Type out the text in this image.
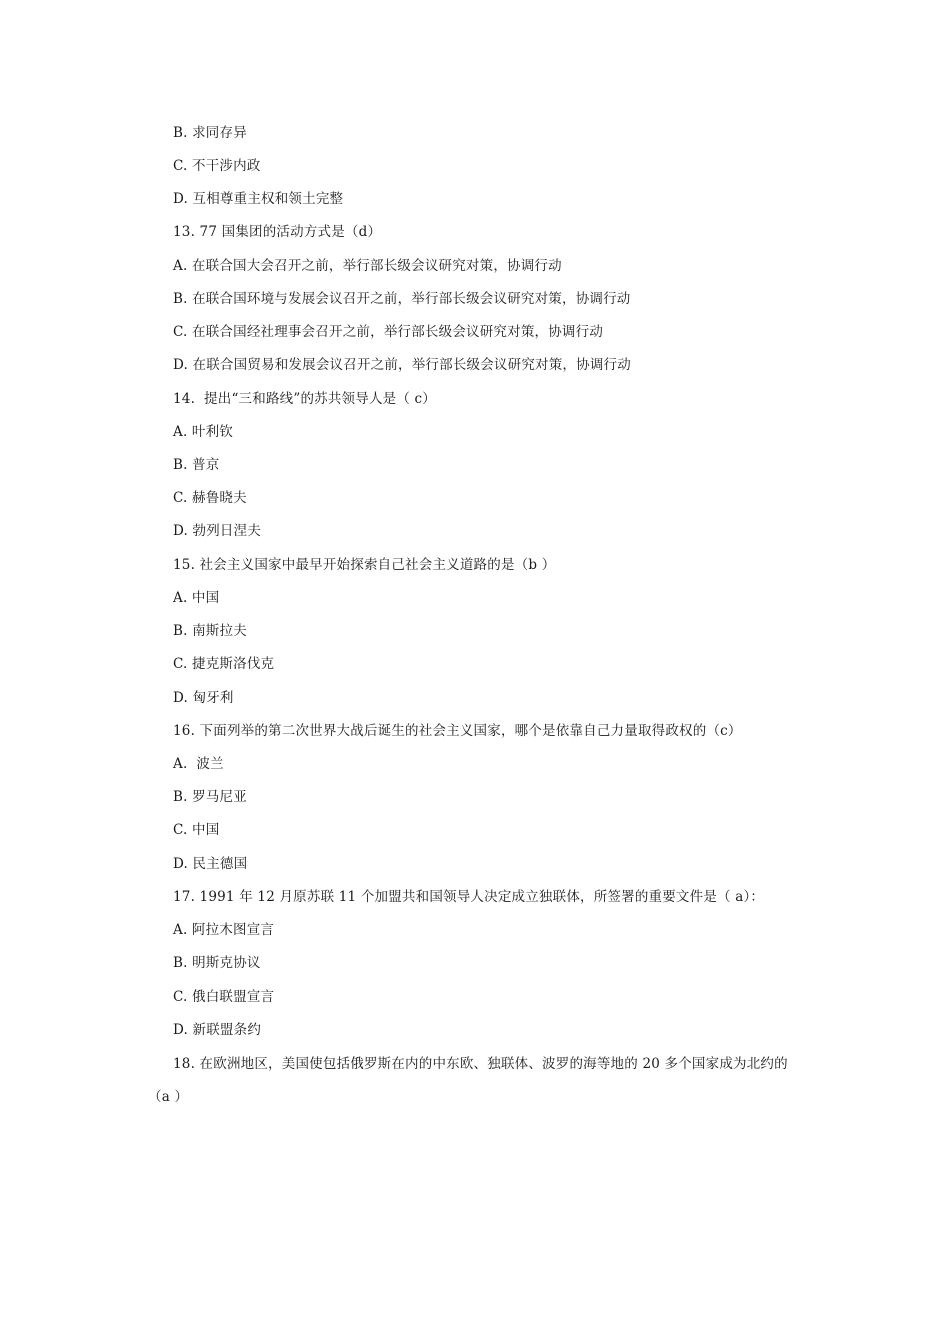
B. 求同存异
C. 不干涉内政
D. 互相尊重主权和领土完整
13. 77 国集团的活动方式是（d）
A. 在联合国大会召开之前，举行部长级会议研究对策，协调行动
B. 在联合国环境与发展会议召开之前，举行部长级会议研究对策，协调行动
C. 在联合国经社理事会召开之前，举行部长级会议研究对策，协调行动
D. 在联合国贸易和发展会议召开之前，举行部长级会议研究对策，协调行动
14.  提出“三和路线”的苏共领导人是（ c）
A. 叶利钦
B. 普京
C. 赫鲁晓夫
D. 勃列日涅夫
15. 社会主义国家中最早开始探索自己社会主义道路的是（b ）
A. 中国
B. 南斯拉夫
C. 捷克斯洛伐克
D. 匈牙利
16. 下面列举的第二次世界大战后诞生的社会主义国家，哪个是依靠自己力量取得政权的（c）
A.  波兰
B. 罗马尼亚
C. 中国
D. 民主德国
17. 1991 年 12 月原苏联 11 个加盟共和国领导人决定成立独联体，所签署的重要文件是（ a）：
A. 阿拉木图宣言
B. 明斯克协议
C. 俄白联盟宣言
D. 新联盟条约
18. 在欧洲地区，美国使包括俄罗斯在内的中东欧、独联体、波罗的海等地的 20 多个国家成为北约的
（a ）
